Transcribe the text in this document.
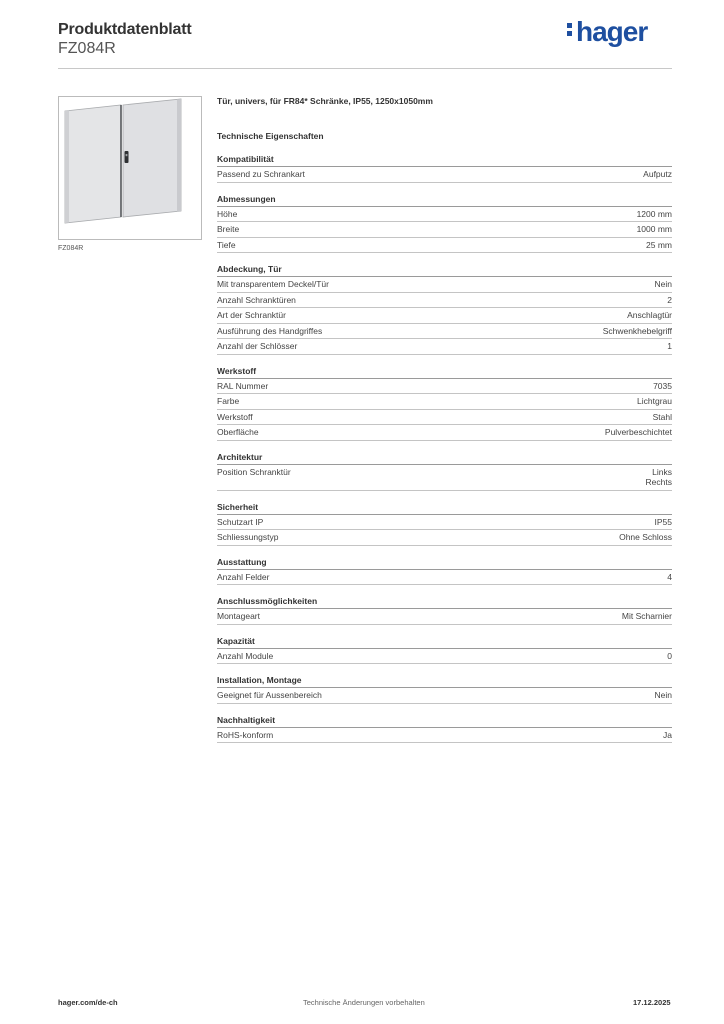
Produktdatenblatt
FZ084R
hager
FZ084R
Tür, univers, für FR84* Schränke, IP55, 1250x1050mm
Technische Eigenschaften
Kompatibilität
Passend zu Schrankart	Aufputz
Abmessungen
Höhe	1200 mm
Breite	1000 mm
Tiefe	25 mm
Abdeckung, Tür
Mit transparentem Deckel/Tür	Nein
Anzahl Schranktüren	2
Art der Schranktür	Anschlagtür
Ausführung des Handgriffes	Schwenkhebelgriff
Anzahl der Schlösser	1
Werkstoff
RAL Nummer	7035
Farbe	Lichtgrau
Werkstoff	Stahl
Oberfläche	Pulverbeschichtet
Architektur
Position Schranktür	Links
Rechts
Sicherheit
Schutzart IP	IP55
Schliessungstyp	Ohne Schloss
Ausstattung
Anzahl Felder	4
Anschlussmöglichkeiten
Montageart	Mit Scharnier
Kapazität
Anzahl Module	0
Installation, Montage
Geeignet für Aussenbereich	Nein
Nachhaltigkeit
RoHS-konform	Ja
hager.com/de-ch	Technische Änderungen vorbehalten	17.12.2025
